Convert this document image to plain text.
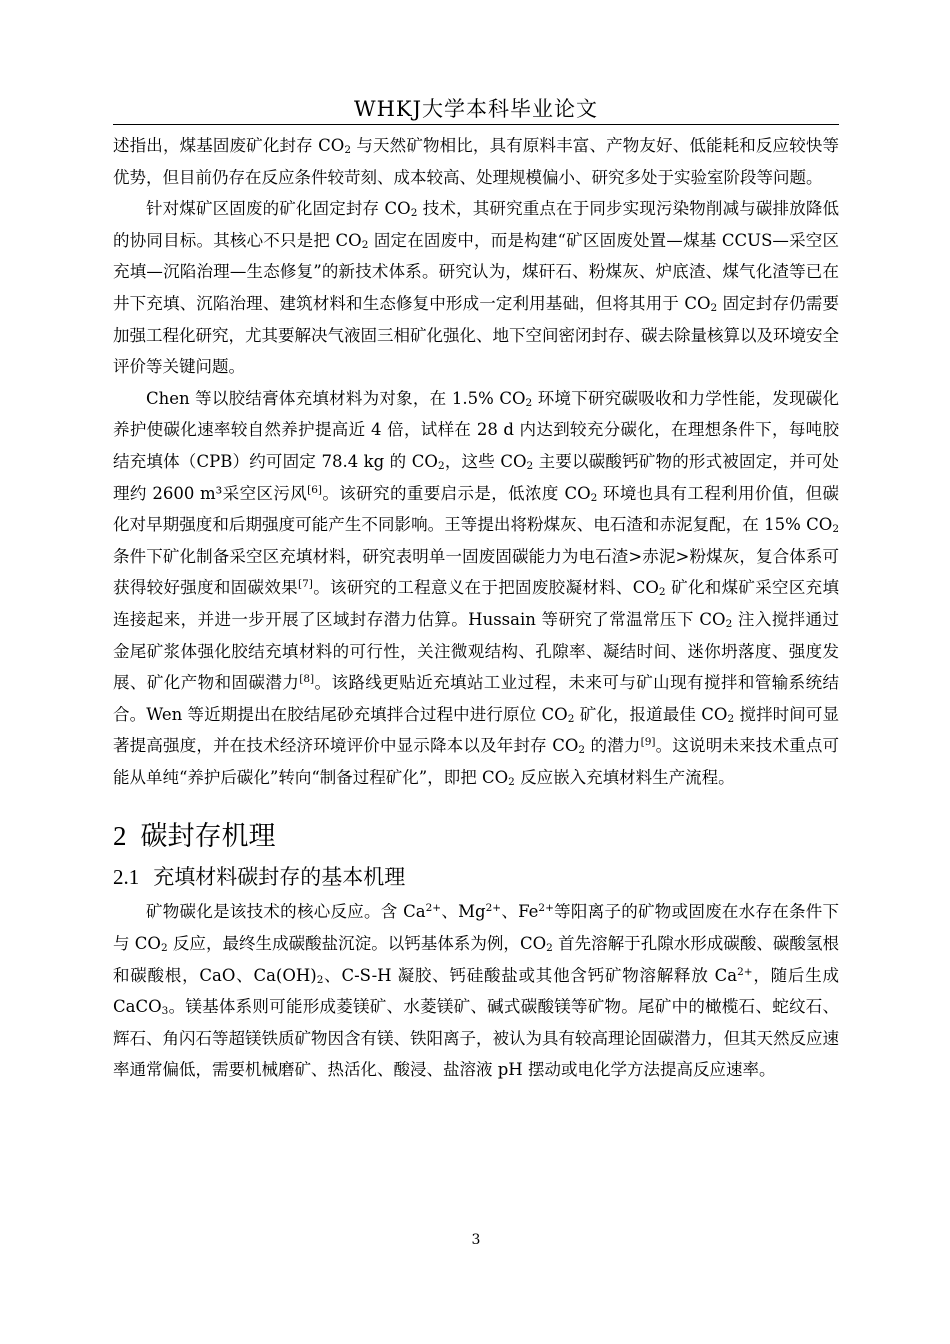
WHKJ大学本科毕业论文

述指出，煤基固废矿化封存 $CO_2$ 与天然矿物相比，具有原料丰富、产物友好、低能耗和反应较快等优势，但目前仍存在反应条件较苛刻、成本较高、处理规模偏小、研究多处于实验室阶段等问题。

针对煤矿区固废的矿化固定封存 $CO_2$ 技术，其研究重点在于同步实现污染物削减与碳排放降低的协同目标。其核心不只是把 $CO_2$ 固定在固废中，而是构建“矿区固废处置—煤基 CCUS—采空区充填—沉陷治理—生态修复”的新技术体系。研究认为，煤矸石、粉煤灰、炉底渣、煤气化渣等已在井下充填、沉陷治理、建筑材料和生态修复中形成一定利用基础，但将其用于 $CO_2$ 固定封存仍需要加强工程化研究，尤其要解决气液固三相矿化强化、地下空间密闭封存、碳去除量核算以及环境安全评价等关键问题。

Chen 等以胶结膏体充填材料为对象，在 1.5% $CO_2$ 环境下研究碳吸收和力学性能，发现碳化养护使碳化速率较自然养护提高近 4 倍，试样在 28 d 内达到较充分碳化，在理想条件下，每吨胶结充填体（CPB）约可固定 78.4 kg 的 $CO_2$，这些 $CO_2$ 主要以碳酸钙矿物的形式被固定，并可处理约 2600 m³采空区污风[6]。该研究的重要启示是，低浓度 $CO_2$ 环境也具有工程利用价值，但碳化对早期强度和后期强度可能产生不同影响。王等提出将粉煤灰、电石渣和赤泥复配，在 15% $CO_2$ 条件下矿化制备采空区充填材料，研究表明单一固废固碳能力为电石渣>赤泥>粉煤灰，复合体系可获得较好强度和固碳效果[7]。该研究的工程意义在于把固废胶凝材料、$CO_2$ 矿化和煤矿采空区充填连接起来，并进一步开展了区域封存潜力估算。Hussain 等研究了常温常压下 $CO_2$ 注入搅拌通过金尾矿浆体强化胶结充填材料的可行性，关注微观结构、孔隙率、凝结时间、迷你坍落度、强度发展、矿化产物和固碳潜力[8]。该路线更贴近充填站工业过程，未来可与矿山现有搅拌和管输系统结合。Wen 等近期提出在胶结尾砂充填拌合过程中进行原位 $CO_2$ 矿化，报道最佳 $CO_2$ 搅拌时间可显著提高强度，并在技术经济环境评价中显示降本以及年封存 $CO_2$ 的潜力[9]。这说明未来技术重点可能从单纯“养护后碳化”转向“制备过程矿化”，即把 $CO_2$ 反应嵌入充填材料生产流程。

2 碳封存机理
2.1 充填材料碳封存的基本机理

矿物碳化是该技术的核心反应。含 $Ca^{2+}$、$Mg^{2+}$、$Fe^{2+}$等阳离子的矿物或固废在水存在条件下与 $CO_2$ 反应，最终生成碳酸盐沉淀。以钙基体系为例，$CO_2$ 首先溶解于孔隙水形成碳酸、碳酸氢根和碳酸根，CaO、$Ca(OH)_2$、C-S-H 凝胶、钙硅酸盐或其他含钙矿物溶解释放 $Ca^{2+}$，随后生成 CaCO$_3$。镁基体系则可能形成菱镁矿、水菱镁矿、碱式碳酸镁等矿物。尾矿中的橄榄石、蛇纹石、辉石、角闪石等超镁铁质矿物因含有镁、铁阳离子，被认为具有较高理论固碳潜力，但其天然反应速率通常偏低，需要机械磨矿、热活化、酸浸、盐溶液 pH 摆动或电化学方法提高反应速率。

3
